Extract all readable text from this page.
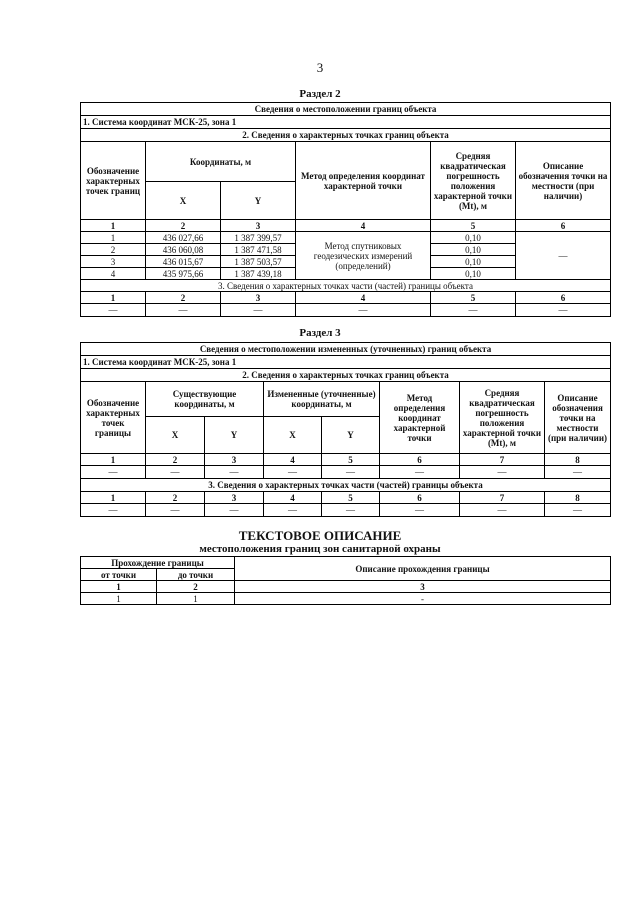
3
Раздел 2
Сведения о местоположении границ объекта					
1. Система координат МСК-25, зона 1					
2. Сведения о характерных точках границ объекта					
Обозначение характерных точек границ	Координаты, м		Метод определения координат характерной точки	Средняя квадратическая погрешность положения характерной точки (Mt), м	Описание обозначения точки на местности (при наличии)
	X	Y			
1	2	3	4	5	6
1	436 027,66	1 387 399,57	Метод спутниковых геодезических измерений (определений)	0,10	—
2	436 060,08	1 387 471,58		0,10	
3	436 015,67	1 387 503,57		0,10	
4	435 975,66	1 387 439,18		0,10	
3. Сведения о характерных точках части (частей) границы объекта					
1	2	3	4	5	6
—	—	—	—	—	—
Раздел 3
Сведения о местоположении измененных (уточненных) границ объекта							
1. Система координат МСК-25, зона 1							
2. Сведения о характерных точках границ объекта							
Обозначение характерных точек границы	Существующие координаты, м		Измененные (уточненные) координаты, м		Метод определения координат характерной точки	Средняя квадратическая погрешность положения характерной точки (Mt), м	Описание обозначения точки на местности (при наличии)
	X	Y	X	Y			
1	2	3	4	5	6	7	8
—	—	—	—	—	—	—	—
3. Сведения о характерных точках части (частей) границы объекта							
1	2	3	4	5	6	7	8
—	—	—	—	—	—	—	—
ТЕКСТОВОЕ ОПИСАНИЕ
местоположения границ зон санитарной охраны
Прохождение границы		Описание прохождения границы
от точки	до точки	
1	2	3
1	1	-
